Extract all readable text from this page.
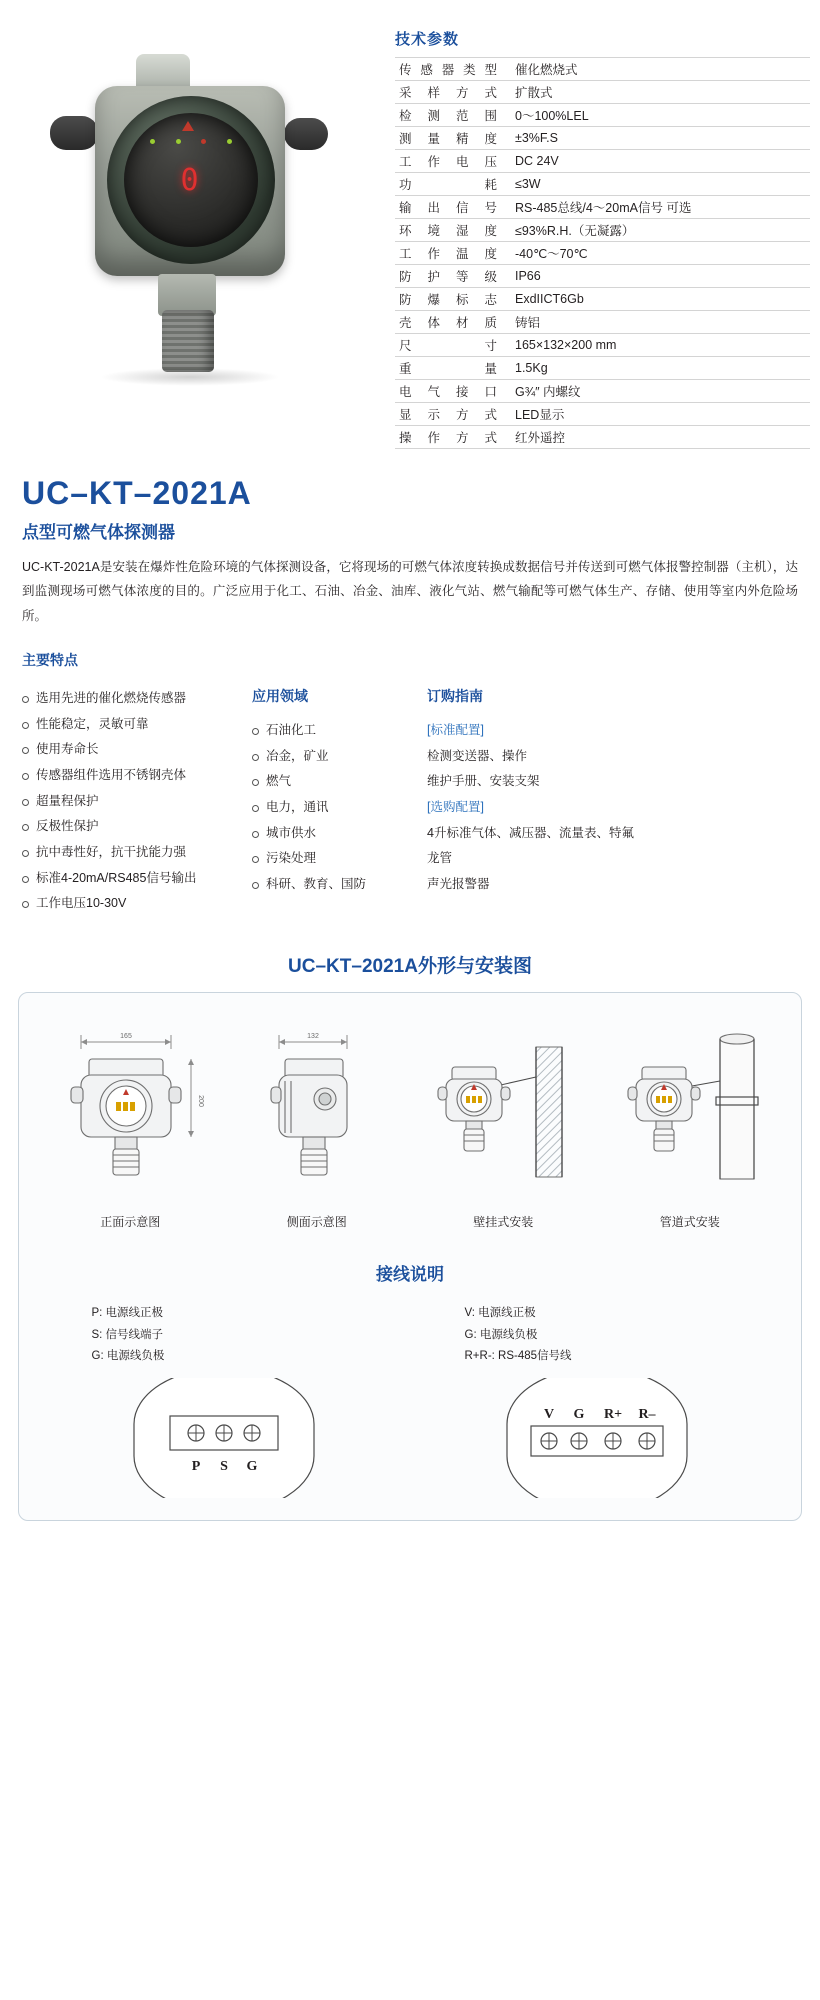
0
技术参数
传感器类型	催化燃烧式
采样方式	扩散式
检测范围	0～100%LEL
测量精度	±3%F.S
工作电压	DC 24V
功耗	≤3W
输出信号	RS-485总线/4～20mA信号 可选
环境湿度	≤93%R.H.（无凝露）
工作温度	-40℃～70℃
防护等级	IP66
防爆标志	ExdIICT6Gb
壳体材质	铸铝
尺寸	165×132×200 mm
重量	1.5Kg
电气接口	G¾″ 内螺纹
显示方式	LED显示
操作方式	红外遥控
UC–KT–2021A
点型可燃气体探测器
UC-KT-2021A是安装在爆炸性危险环境的气体探测设备，它将现场的可燃气体浓度转换成数据信号并传送到可燃气体报警控制器（主机），达到监测现场可燃气体浓度的目的。广泛应用于化工、石油、冶金、油库、液化气站、燃气输配等可燃气体生产、存储、使用等室内外危险场所。
主要特点
选用先进的催化燃烧传感器
性能稳定，灵敏可靠
使用寿命长
传感器组件选用不锈钢壳体
超量程保护
反极性保护
抗中毒性好，抗干扰能力强
标准4-20mA/RS485信号输出
工作电压10-30V
应用领域
石油化工
冶金，矿业
燃气
电力，通讯
城市供水
污染处理
科研、教育、国防
订购指南
[标准配置]
检测变送器、操作
维护手册、安装支架
[选购配置]
4升标准气体、减压器、流量表、特氟龙管
声光报警器
UC–KT–2021A外形与安装图
165
200
正面示意图
132
侧面示意图	壁挂式安装	管道式安装
接线说明
P: 电源线正极
S: 信号线端子
G: 电源线负极
P S G
V: 电源线正极
G: 电源线负极
R+R-: RS-485信号线
V G R+ R–
